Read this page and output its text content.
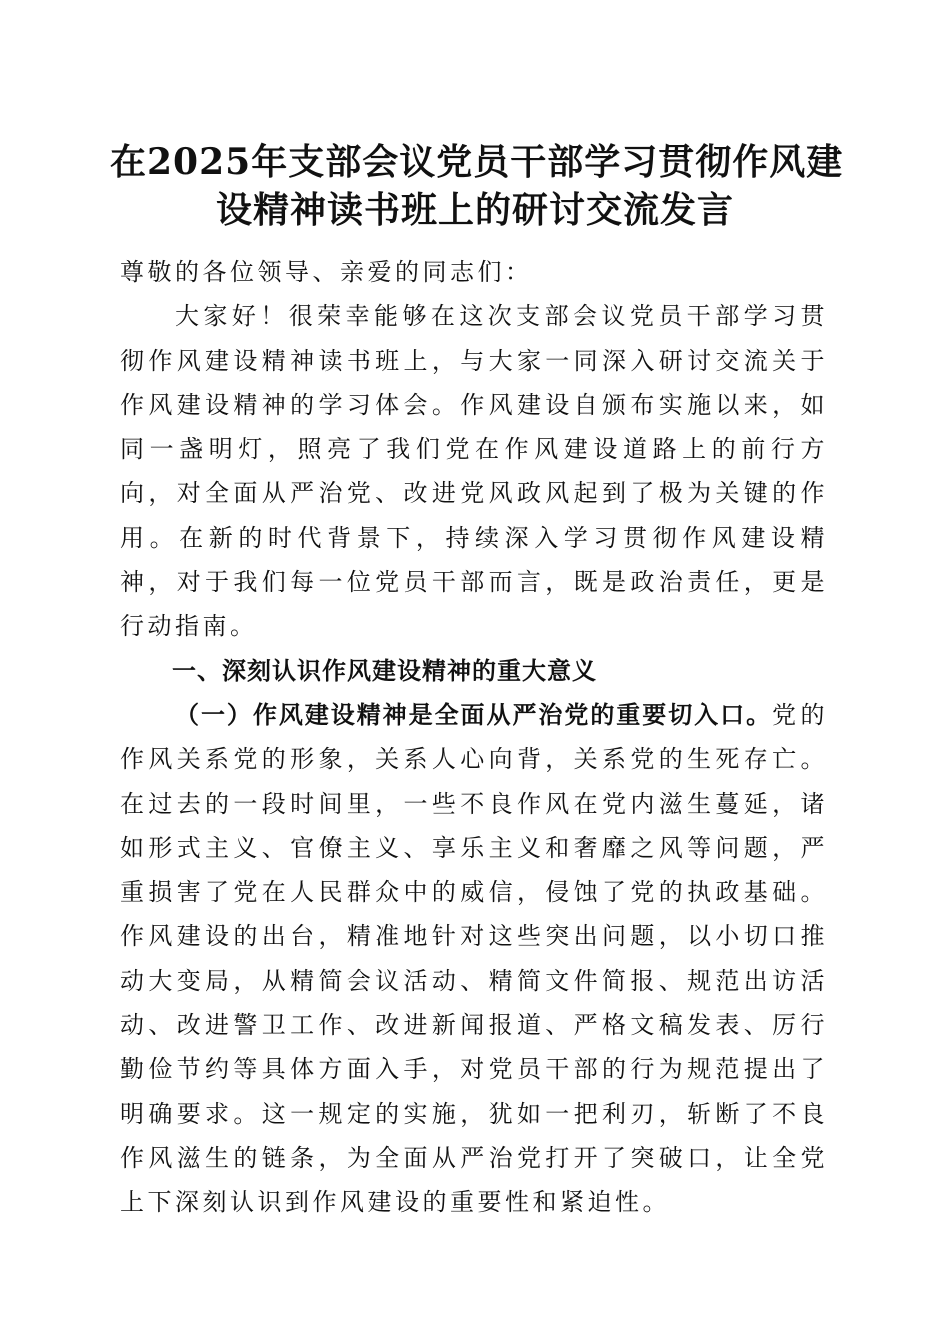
在2025年支部会议党员干部学习贯彻作风建
设精神读书班上的研讨交流发言

尊敬的各位领导、亲爱的同志们：

大家好！很荣幸能够在这次支部会议党员干部学习贯彻作风建设精神读书班上，与大家一同深入研讨交流关于作风建设精神的学习体会。作风建设自颁布实施以来，如同一盏明灯，照亮了我们党在作风建设道路上的前行方向，对全面从严治党、改进党风政风起到了极为关键的作用。在新的时代背景下，持续深入学习贯彻作风建设精神，对于我们每一位党员干部而言，既是政治责任，更是行动指南。

一、深刻认识作风建设精神的重大意义

（一）作风建设精神是全面从严治党的重要切入口。党的作风关系党的形象，关系人心向背，关系党的生死存亡。在过去的一段时间里，一些不良作风在党内滋生蔓延，诸如形式主义、官僚主义、享乐主义和奢靡之风等问题，严重损害了党在人民群众中的威信，侵蚀了党的执政基础。作风建设的出台，精准地针对这些突出问题，以小切口推动大变局，从精简会议活动、精简文件简报、规范出访活动、改进警卫工作、改进新闻报道、严格文稿发表、厉行勤俭节约等具体方面入手，对党员干部的行为规范提出了明确要求。这一规定的实施，犹如一把利刃，斩断了不良作风滋生的链条，为全面从严治党打开了突破口，让全党上下深刻认识到作风建设的重要性和紧迫性。
